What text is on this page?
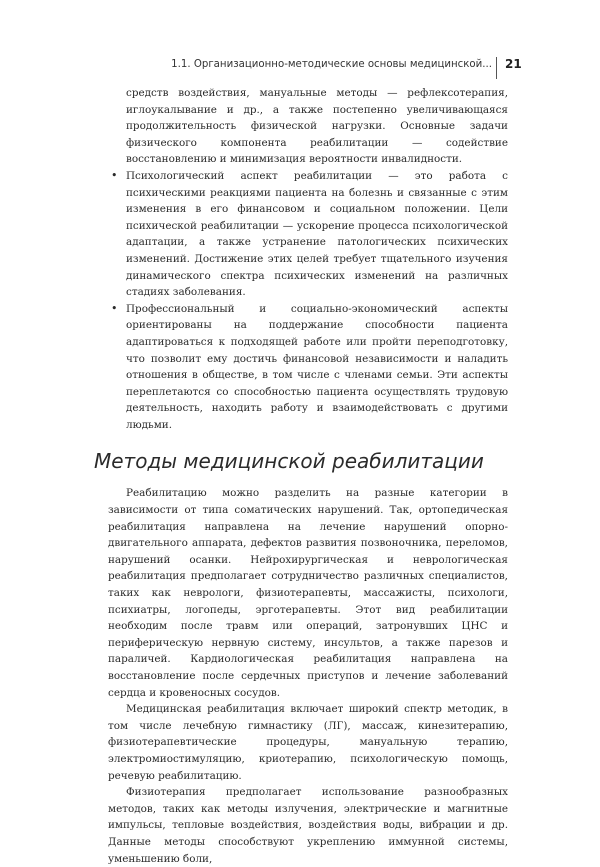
1.1. Организационно-методические основы медицинской... 21

средств воздействия, мануальные методы — рефлексотерапия, иглоукалывание и др., а также постепенно увеличивающаяся продолжительность физической нагрузки. Основные задачи физического компонента реабилитации — содействие восстановлению и минимизация вероятности инвалидности.

• Психологический аспект реабилитации — это работа с психическими реакциями пациента на болезнь и связанные с этим изменения в его финансовом и социальном положении. Цели психической реабилитации — ускорение процесса психологической адаптации, а также устранение патологических психических изменений. Достижение этих целей требует тщательного изучения динамического спектра психических изменений на различных стадиях заболевания.
• Профессиональный и социально-экономический аспекты ориентированы на поддержание способности пациента адаптироваться к подходящей работе или пройти переподготовку, что позволит ему достичь финансовой независимости и наладить отношения в обществе, в том числе с членами семьи. Эти аспекты переплетаются со способностью пациента осуществлять трудовую деятельность, находить работу и взаимодействовать с другими людьми.
Методы медицинской реабилитации

Реабилитацию можно разделить на разные категории в зависимости от типа соматических нарушений. Так, ортопедическая реабилитация направлена на лечение нарушений опорно-двигательного аппарата, дефектов развития позвоночника, переломов, нарушений осанки. Нейрохирургическая и неврологическая реабилитация предполагает сотрудничество различных специалистов, таких как неврологи, физиотерапевты, массажисты, психологи, психиатры, логопеды, эрготерапевты. Этот вид реабилитации необходим после травм или операций, затронувших ЦНС и периферическую нервную систему, инсультов, а также парезов и параличей. Кардиологическая реабилитация направлена на восстановление после сердечных приступов и лечение заболеваний сердца и кровеносных сосудов.

Медицинская реабилитация включает широкий спектр методик, в том числе лечебную гимнастику (ЛГ), массаж, кинезитерапию, физиотерапевтические процедуры, мануальную терапию, электромиостимуляцию, криотерапию, психологическую помощь, речевую реабилитацию.

Физиотерапия предполагает использование разнообразных методов, таких как методы излучения, электрические и магнитные импульсы, тепловые воздействия, воздействия воды, вибрации и др. Данные методы способствуют укреплению иммунной системы, уменьшению боли,
